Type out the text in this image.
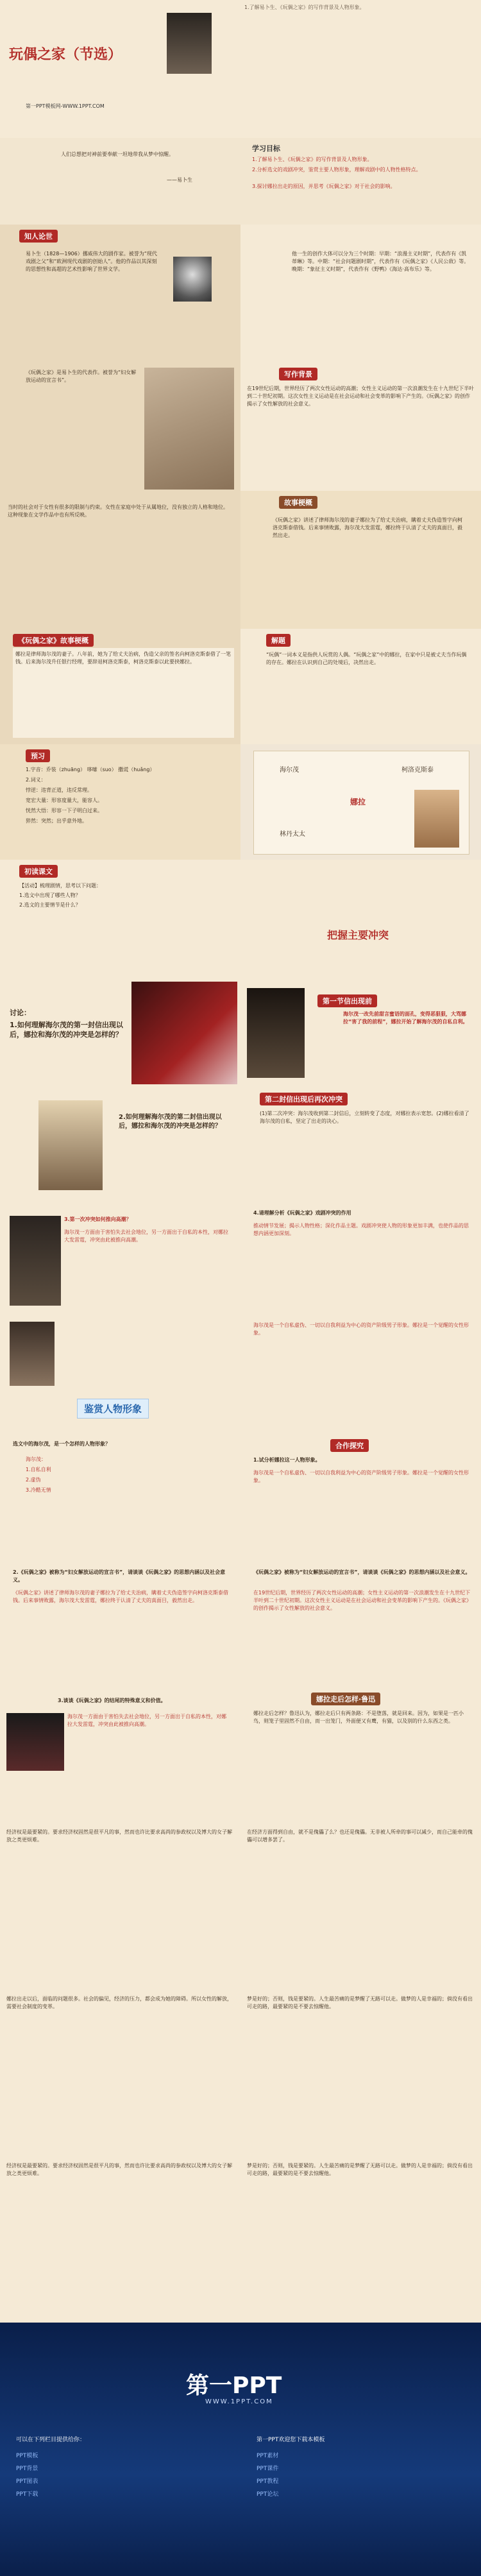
玩偶之家（节选）
第一PPT模板网-WWW.1PPT.COM
1.了解易卜生、《玩偶之家》的写作背景及人物形象。
人们总想把对神前要奉献一坦地带我从梦中惊醒。
——易卜生
学习目标
1.了解易卜生、《玩偶之家》的写作背景及人物形象。
2.分析选文的戏剧冲突，鉴赏主要人物形象，理解戏剧中的人物性格特点。
3.探讨娜拉出走的原因，并思考《玩偶之家》对于社会的影响。
知人论世
易卜生（1828—1906）挪威伟大的剧作家。被誉为“现代戏剧之父”和“欧洲现代戏剧的创始人”。他的作品以其深刻的思想性和高超的艺术性影响了世界文学。
他一生的创作大体可以分为三个时期：早期：“浪漫主义时期”，代表作有《凯蒂琳》等。中期：“社会问题剧时期”，代表作有《玩偶之家》《人民公敌》等。晚期：“象征主义时期”，代表作有《野鸭》《海达·高布乐》等。
《玩偶之家》是易卜生的代表作。被誉为“妇女解放运动的宣言书”。
写作背景
在19世纪后期，世界经历了两次女性运动的高潮；女性主义运动的第一次浪潮发生在十九世纪下半叶到二十世纪初期。这次女性主义运动是在社会运动和社会变革的影响下产生的。《玩偶之家》的创作揭示了女性解放的社会意义。
当时的社会对于女性有很多的限制与约束。女性在家庭中处于从属地位，没有独立的人格和地位。这种现象在文学作品中也有所反映。
故事梗概
《玩偶之家》讲述了律师海尔茂的妻子娜拉为了给丈夫治病，瞒着丈夫伪造签字向柯洛克斯泰借钱。后来事情败露，海尔茂大发雷霆，娜拉终于认清了丈夫的真面目，毅然出走。
《玩偶之家》故事梗概
娜拉是律师海尔茂的妻子。八年前，她为了给丈夫治病，伪造父亲的签名向柯洛克斯泰借了一笔钱。后来海尔茂升任银行经理，要辞退柯洛克斯泰，柯洛克斯泰以此要挟娜拉。
解题
“玩偶”一词本义是指供人玩赏的人偶。“玩偶之家”中的娜拉，在家中只是被丈夫当作玩偶的存在。娜拉在认识到自己的处境后，决然出走。
预习
1.字音：乔装（zhuāng） 哆嗦（suo） 撒谎（huǎng）
2.词义：
悖逆：违背正道，违反常理。
宽宏大量：形容度量大，能容人。
恍然大悟：形容一下子明白过来。
猝然：突然；出乎意外地。
海尔茂
娜拉
柯洛克斯泰
林丹太太
初读课文
【活动】梳理剧情，思考以下问题：
1.选文中出现了哪些人物？
2.选文的主要情节是什么？
把握主要冲突
讨论：
1.如何理解海尔茂的第一封信出现以后，娜拉和海尔茂的冲突是怎样的？
第一节信出现前
海尔茂一改先前甜言蜜语的面孔，变得恶狠狠，大骂娜拉“害了我的前程”，娜拉开始了解海尔茂的自私自利。
2.如何理解海尔茂的第二封信出现以后，娜拉和海尔茂的冲突是怎样的？
第二封信出现后再次冲突
(1)第二次冲突：海尔茂收到第二封信后，立刻转变了态度，对娜拉表示宽恕。(2)娜拉看清了海尔茂的自私，坚定了出走的决心。
3.第一次冲突如何推向高潮？
海尔茂一方面由于害怕失去社会地位，另一方面出于自私的本性，对娜拉大发雷霆，冲突由此被推向高潮。
4.请理解分析《玩偶之家》戏剧冲突的作用
推动情节发展；揭示人物性格；深化作品主题。戏剧冲突使人物的形象更加丰满，也使作品的思想内涵更加深刻。
鉴赏人物形象
海尔茂是一个自私虚伪、一切以自我利益为中心的资产阶级男子形象。娜拉是一个觉醒的女性形象。
选文中的海尔茂，是一个怎样的人物形象？
海尔茂：
1.自私自利
2.虚伪
3.冷酷无情
合作探究
1.试分析娜拉这一人物形象。
海尔茂是一个自私虚伪、一切以自我利益为中心的资产阶级男子形象。娜拉是一个觉醒的女性形象。
2.《玩偶之家》被称为“妇女解放运动的宣言书”，请谈谈《玩偶之家》的思想内涵以及社会意义。
《玩偶之家》讲述了律师海尔茂的妻子娜拉为了给丈夫治病，瞒着丈夫伪造签字向柯洛克斯泰借钱。后来事情败露，海尔茂大发雷霆，娜拉终于认清了丈夫的真面目，毅然出走。
《玩偶之家》被称为“妇女解放运动的宣言书”，请谈谈《玩偶之家》的思想内涵以及社会意义。
在19世纪后期，世界经历了两次女性运动的高潮；女性主义运动的第一次浪潮发生在十九世纪下半叶到二十世纪初期。这次女性主义运动是在社会运动和社会变革的影响下产生的。《玩偶之家》的创作揭示了女性解放的社会意义。
3.谈谈《玩偶之家》的结尾的特殊意义和价值。
海尔茂一方面由于害怕失去社会地位，另一方面出于自私的本性，对娜拉大发雷霆，冲突由此被推向高潮。
娜拉走后怎样·鲁迅
娜拉走后怎样？鲁迅认为，娜拉走后只有两条路：不是堕落，就是回来。因为，如果是一匹小鸟，则笼子里固然不自由，而一出笼门，外面便又有鹰，有猫，以及别的什么东西之类。
经济权是最要紧的。要求经济权固然是很平凡的事，然而也许比要求高尚的参政权以及博大的女子解放之类更烦难。
在经济方面得到自由，就不是傀儡了么？也还是傀儡。无非被人所牵的事可以减少，而自己能牵的傀儡可以增多罢了。
娜拉出走以后，面临的问题很多。社会的偏见，经济的压力，都会成为她的障碍。所以女性的解放，需要社会制度的变革。
梦是好的；否则，钱是要紧的。人生最苦痛的是梦醒了无路可以走。做梦的人是幸福的；倘没有看出可走的路，最要紧的是不要去惊醒他。
经济权是最要紧的。要求经济权固然是很平凡的事，然而也许比要求高尚的参政权以及博大的女子解放之类更烦难。
梦是好的；否则，钱是要紧的。人生最苦痛的是梦醒了无路可以走。做梦的人是幸福的；倘没有看出可走的路，最要紧的是不要去惊醒他。
第一PPT
WWW.1PPT.COM
可以在下列栏目提供给你：	第一PPT欢迎您下载本模板
PPT模板
PPT背景
PPT图表
PPT下载
PPT素材
PPT课件
PPT教程
PPT论坛
